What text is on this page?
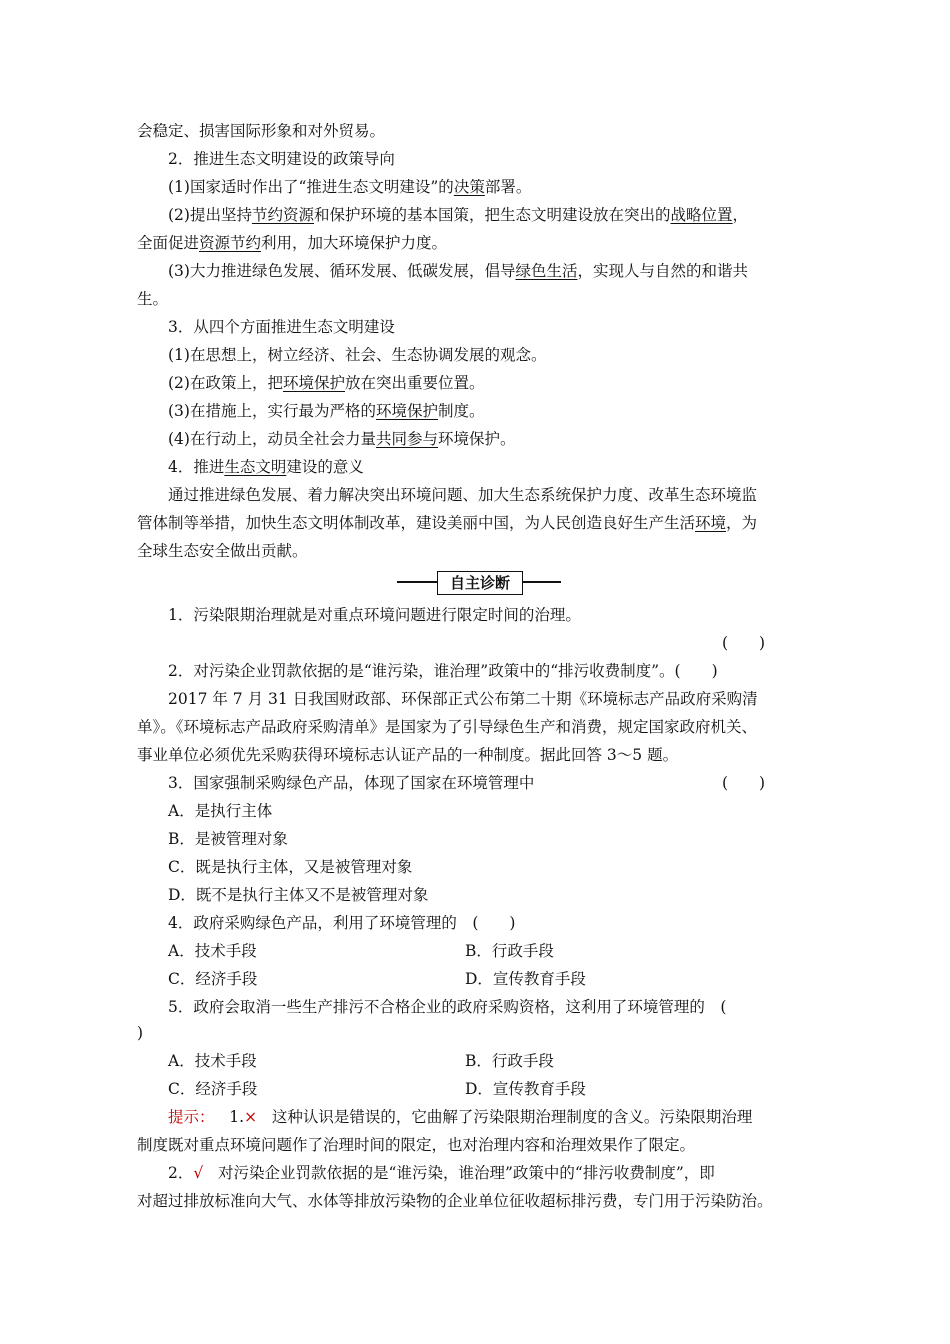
会稳定、损害国际形象和对外贸易。
2．推进生态文明建设的政策导向
(1)国家适时作出了“推进生态文明建设”的决策部署。
(2)提出坚持节约资源和保护环境的基本国策，把生态文明建设放在突出的战略位置，
全面促进资源节约利用，加大环境保护力度。
(3)大力推进绿色发展、循环发展、低碳发展，倡导绿色生活，实现人与自然的和谐共
生。
3．从四个方面推进生态文明建设
(1)在思想上，树立经济、社会、生态协调发展的观念。
(2)在政策上，把环境保护放在突出重要位置。
(3)在措施上，实行最为严格的环境保护制度。
(4)在行动上，动员全社会力量共同参与环境保护。
4．推进生态文明建设的意义
通过推进绿色发展、着力解决突出环境问题、加大生态系统保护力度、改革生态环境监
管体制等举措，加快生态文明体制改革，建设美丽中国，为人民创造良好生产生活环境，为
全球生态安全做出贡献。
自主诊断
1．污染限期治理就是对重点环境问题进行限定时间的治理。
(　　)
2．对污染企业罚款依据的是“谁污染，谁治理”政策中的“排污收费制度”。(　　)
2017 年 7 月 31 日我国财政部、环保部正式公布第二十期《环境标志产品政府采购清
单》。《环境标志产品政府采购清单》是国家为了引导绿色生产和消费，规定国家政府机关、
事业单位必须优先采购获得环境标志认证产品的一种制度。据此回答 3～5 题。
3．国家强制采购绿色产品，体现了国家在环境管理中	(　　)
A．是执行主体
B．是被管理对象
C．既是执行主体，又是被管理对象
D．既不是执行主体又不是被管理对象
4．政府采购绿色产品，利用了环境管理的　(　　)
A．技术手段	B．行政手段
C．经济手段	D．宣传教育手段
5．政府会取消一些生产排污不合格企业的政府采购资格，这利用了环境管理的　(
)
A．技术手段	B．行政手段
C．经济手段	D．宣传教育手段
提示： 1.× 这种认识是错误的，它曲解了污染限期治理制度的含义。污染限期治理
制度既对重点环境问题作了治理时间的限定，也对治理内容和治理效果作了限定。
2．√ 对污染企业罚款依据的是“谁污染，谁治理”政策中的“排污收费制度”，即
对超过排放标准向大气、水体等排放污染物的企业单位征收超标排污费，专门用于污染防治。
